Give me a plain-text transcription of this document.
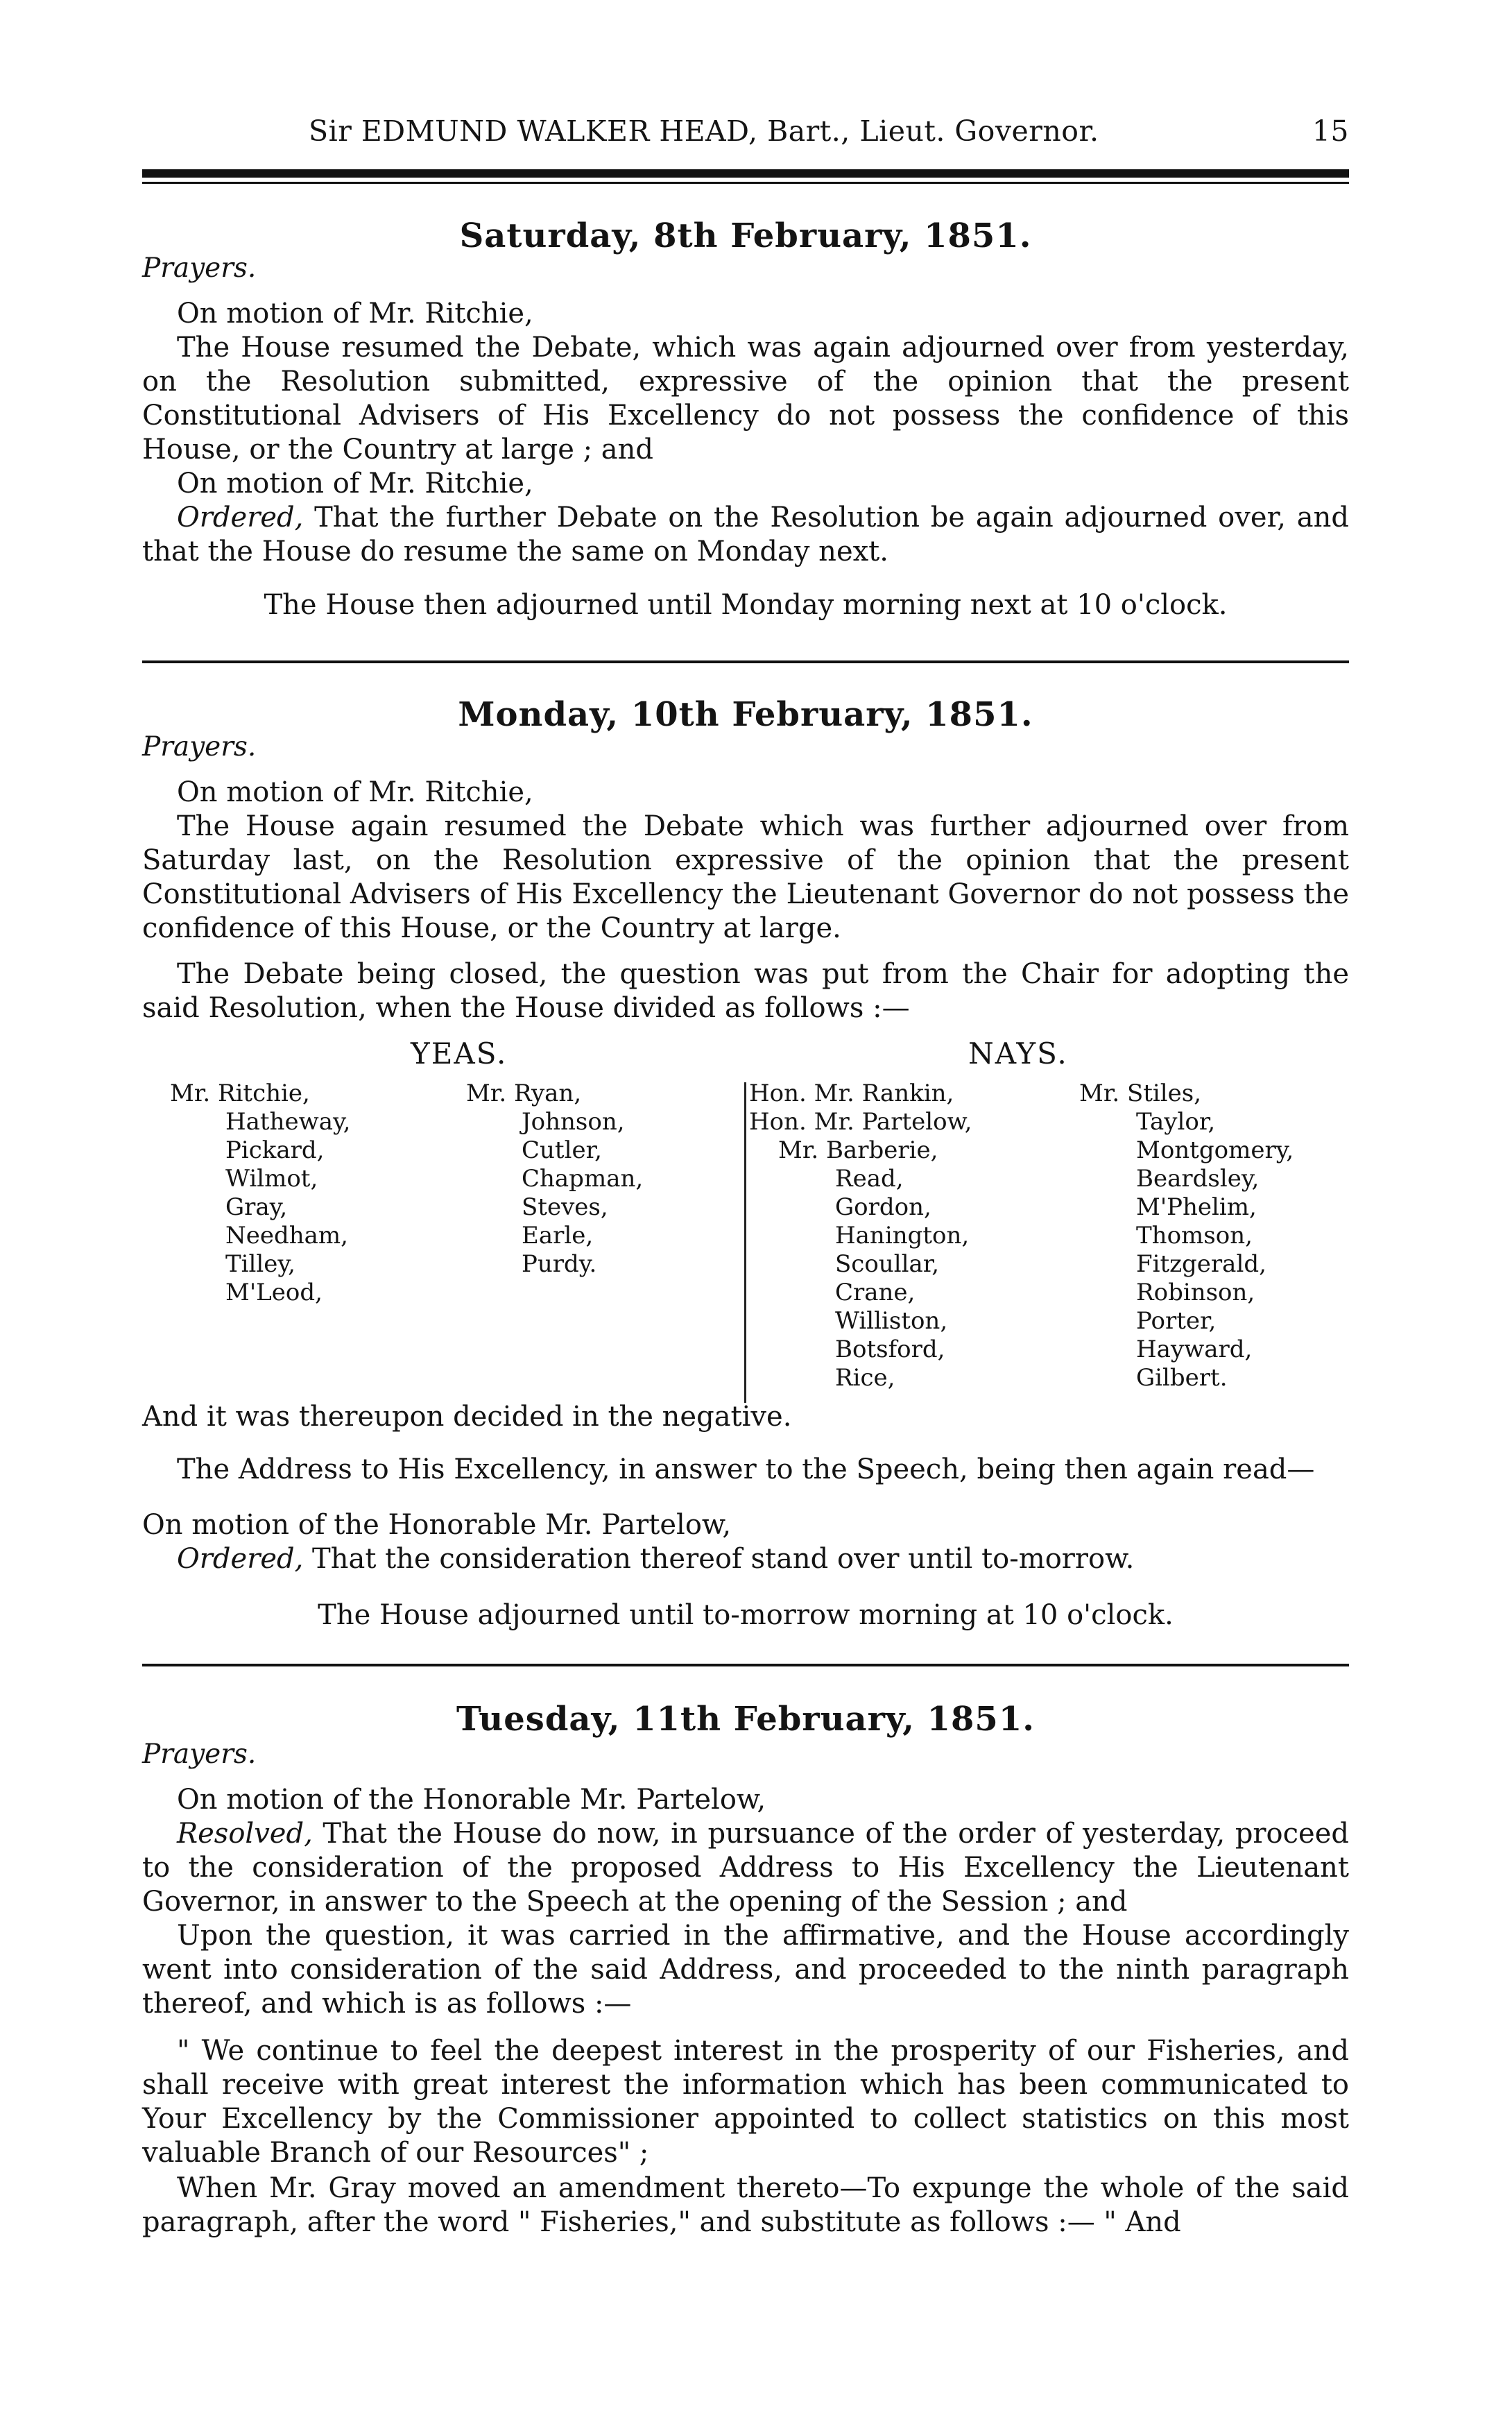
Sir EDMUND WALKER HEAD, Bart., Lieut. Governor.	15
Saturday, 8th February, 1851.
Prayers.
On motion of Mr. Ritchie,
The House resumed the Debate, which was again adjourned over from yesterday, on the Resolution submitted, expressive of the opinion that the present Constitutional Advisers of His Excellency do not possess the confidence of this House, or the Country at large ; and
On motion of Mr. Ritchie,
Ordered, That the further Debate on the Resolution be again adjourned over, and that the House do resume the same on Monday next.
The House then adjourned until Monday morning next at 10 o'clock.
Monday, 10th February, 1851.
Prayers.
On motion of Mr. Ritchie,
The House again resumed the Debate which was further adjourned over from Saturday last, on the Resolution expressive of the opinion that the present Constitutional Advisers of His Excellency the Lieutenant Governor do not possess the confidence of this House, or the Country at large.
The Debate being closed, the question was put from the Chair for adopting the said Resolution, when the House divided as follows :—
YEAS.	NAYS.
Mr. Ritchie,
Hatheway,
Pickard,
Wilmot,
Gray,
Needham,
Tilley,
M'Leod,
Mr. Ryan,
Johnson,
Cutler,
Chapman,
Steves,
Earle,
Purdy.
Hon. Mr. Rankin,
Hon. Mr. Partelow,
Mr. Barberie,
Read,
Gordon,
Hanington,
Scoullar,
Crane,
Williston,
Botsford,
Rice,
Mr. Stiles,
Taylor,
Montgomery,
Beardsley,
M'Phelim,
Thomson,
Fitzgerald,
Robinson,
Porter,
Hayward,
Gilbert.
And it was thereupon decided in the negative.
The Address to His Excellency, in answer to the Speech, being then again read—
On motion of the Honorable Mr. Partelow,
Ordered, That the consideration thereof stand over until to-morrow.
The House adjourned until to-morrow morning at 10 o'clock.
Tuesday, 11th February, 1851.
Prayers.
On motion of the Honorable Mr. Partelow,
Resolved, That the House do now, in pursuance of the order of yesterday, proceed to the consideration of the proposed Address to His Excellency the Lieutenant Governor, in answer to the Speech at the opening of the Session ; and
Upon the question, it was carried in the affirmative, and the House accordingly went into consideration of the said Address, and proceeded to the ninth paragraph thereof, and which is as follows :—
" We continue to feel the deepest interest in the prosperity of our Fisheries, and shall receive with great interest the information which has been communicated to Your Excellency by the Commissioner appointed to collect statistics on this most valuable Branch of our Resources" ;
When Mr. Gray moved an amendment thereto—To expunge the whole of the said paragraph, after the word " Fisheries," and substitute as follows :— " And
